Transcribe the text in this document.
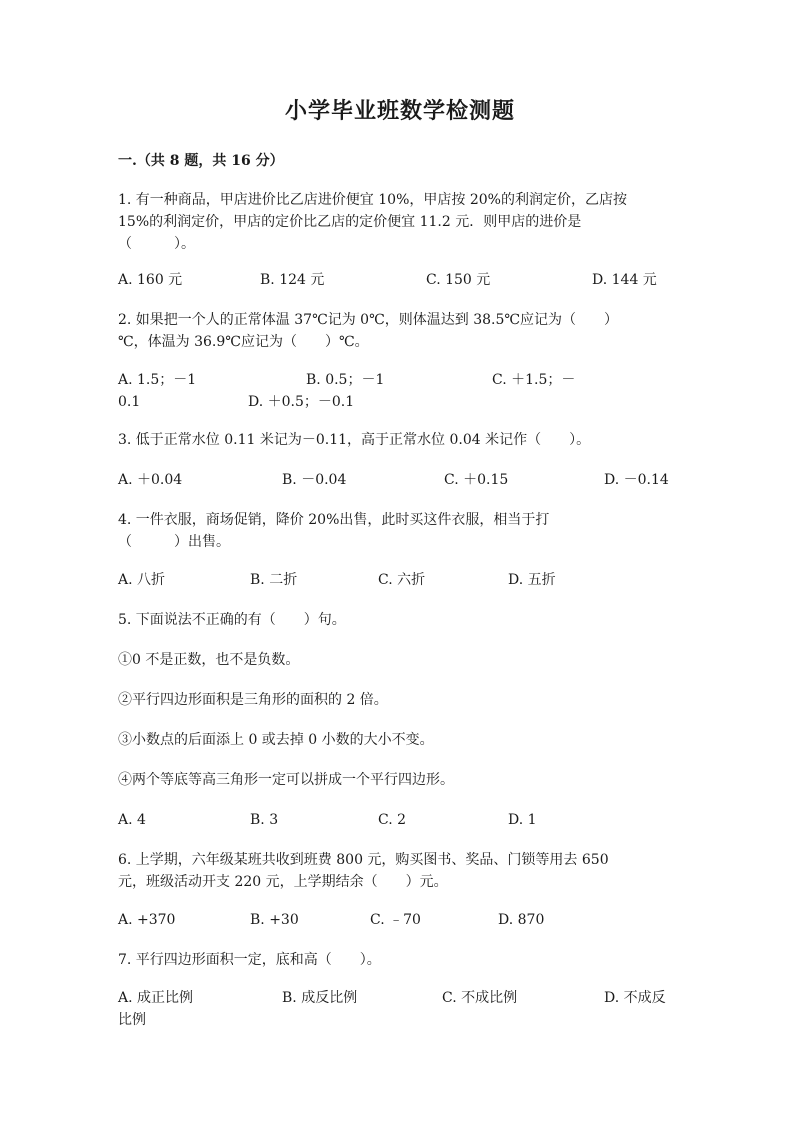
小学毕业班数学检测题
一.（共 8 题，共 16 分）
1. 有一种商品，甲店进价比乙店进价便宜 10%，甲店按 20%的利润定价，乙店按
15%的利润定价，甲店的定价比乙店的定价便宜 11.2 元．则甲店的进价是
（　　　）。
A. 160 元	B. 124 元	C. 150 元	D. 144 元
2. 如果把一个人的正常体温 37℃记为 0℃，则体温达到 38.5℃应记为（　　）
℃，体温为 36.9℃应记为（　　）℃。
A. 1.5；－1	B. 0.5；－1	C. ＋1.5；－
0.1	D. ＋0.5；－0.1
3. 低于正常水位 0.11 米记为－0.11，高于正常水位 0.04 米记作（　　）。
A. ＋0.04	B. －0.04	C. ＋0.15	D. －0.14
4. 一件衣服，商场促销，降价 20%出售，此时买这件衣服，相当于打
（　　　）出售。
A. 八折	B. 二折	C. 六折	D. 五折
5. 下面说法不正确的有（　　）句。
①0 不是正数，也不是负数。
②平行四边形面积是三角形的面积的 2 倍。
③小数点的后面添上 0 或去掉 0 小数的大小不变。
④两个等底等高三角形一定可以拼成一个平行四边形。
A. 4	B. 3	C. 2	D. 1
6. 上学期，六年级某班共收到班费 800 元，购买图书、奖品、门锁等用去 650
元，班级活动开支 220 元，上学期结余（　　）元。
A. +370	B. +30	C. ﹣70	D. 870
7. 平行四边形面积一定，底和高（　　）。
A. 成正比例	B. 成反比例	C. 不成比例	D. 不成反
比例
